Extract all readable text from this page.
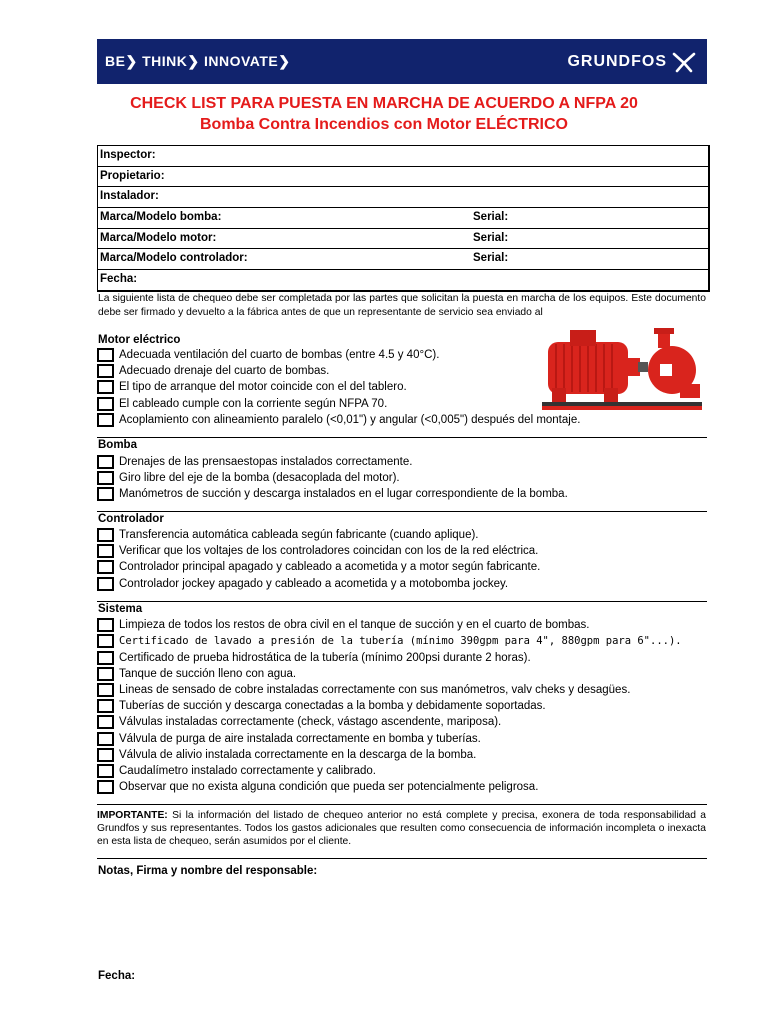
BE❯ THINK❯ INNOVATE❯	GRUNDFOS
CHECK LIST PARA PUESTA EN MARCHA DE ACUERDO A NFPA 20
Bomba Contra Incendios con Motor ELÉCTRICO
Inspector:
Propietario:
Instalador:
Marca/Modelo bomba:	Serial:
Marca/Modelo motor:	Serial:
Marca/Modelo controlador:	Serial:
Fecha:
La siguiente lista de chequeo debe ser completada por las partes que solicitan la puesta en marcha de los equipos. Este documento debe ser firmado y devuelto a la fábrica antes de que un representante de servicio sea enviado al
Motor eléctrico
Adecuada ventilación del cuarto de bombas (entre 4.5 y 40°C).
Adecuado drenaje del cuarto de bombas.
El tipo de arranque del motor coincide con el del tablero.
El cableado cumple con la corriente según NFPA 70.
Acoplamiento con alineamiento paralelo (<0,01") y angular (<0,005") después del montaje.
Bomba
Drenajes de las prensaestopas instalados correctamente.
Giro libre del eje de la bomba (desacoplada del motor).
Manómetros de succión y descarga instalados en el lugar correspondiente de la bomba.
Controlador
Transferencia automática cableada según fabricante (cuando aplique).
Verificar que los voltajes de los controladores coincidan con los de la red eléctrica.
Controlador principal apagado y cableado a acometida y a motor según fabricante.
Controlador jockey apagado y cableado a acometida y a motobomba jockey.
Sistema
Limpieza de todos los restos de obra civil en el tanque de succión y en el cuarto de bombas.
Certificado de lavado a presión de la tubería (mínimo 390gpm para 4", 880gpm para 6"...).
Certificado de prueba hidrostática de la tubería (mínimo 200psi durante 2 horas).
Tanque de succión lleno con agua.
Lineas de sensado de cobre instaladas correctamente con sus manómetros, valv cheks y desagües.
Tuberías de succión y descarga conectadas a la bomba y debidamente soportadas.
Válvulas instaladas correctamente (check, vástago ascendente, mariposa).
Válvula de purga de aire instalada correctamente en bomba y tuberías.
Válvula de alivio instalada correctamente en la descarga de la bomba.
Caudalímetro instalado correctamente y calibrado.
Observar que no exista alguna condición que pueda ser potencialmente peligrosa.
IMPORTANTE: Si la información del listado de chequeo anterior no está complete y precisa, exonera de toda responsabilidad a Grundfos y sus representantes. Todos los gastos adicionales que resulten como consecuencia de información incompleta o inexacta en esta lista de chequeo, serán asumidos por el cliente.
Notas, Firma y nombre del responsable:
Fecha:
